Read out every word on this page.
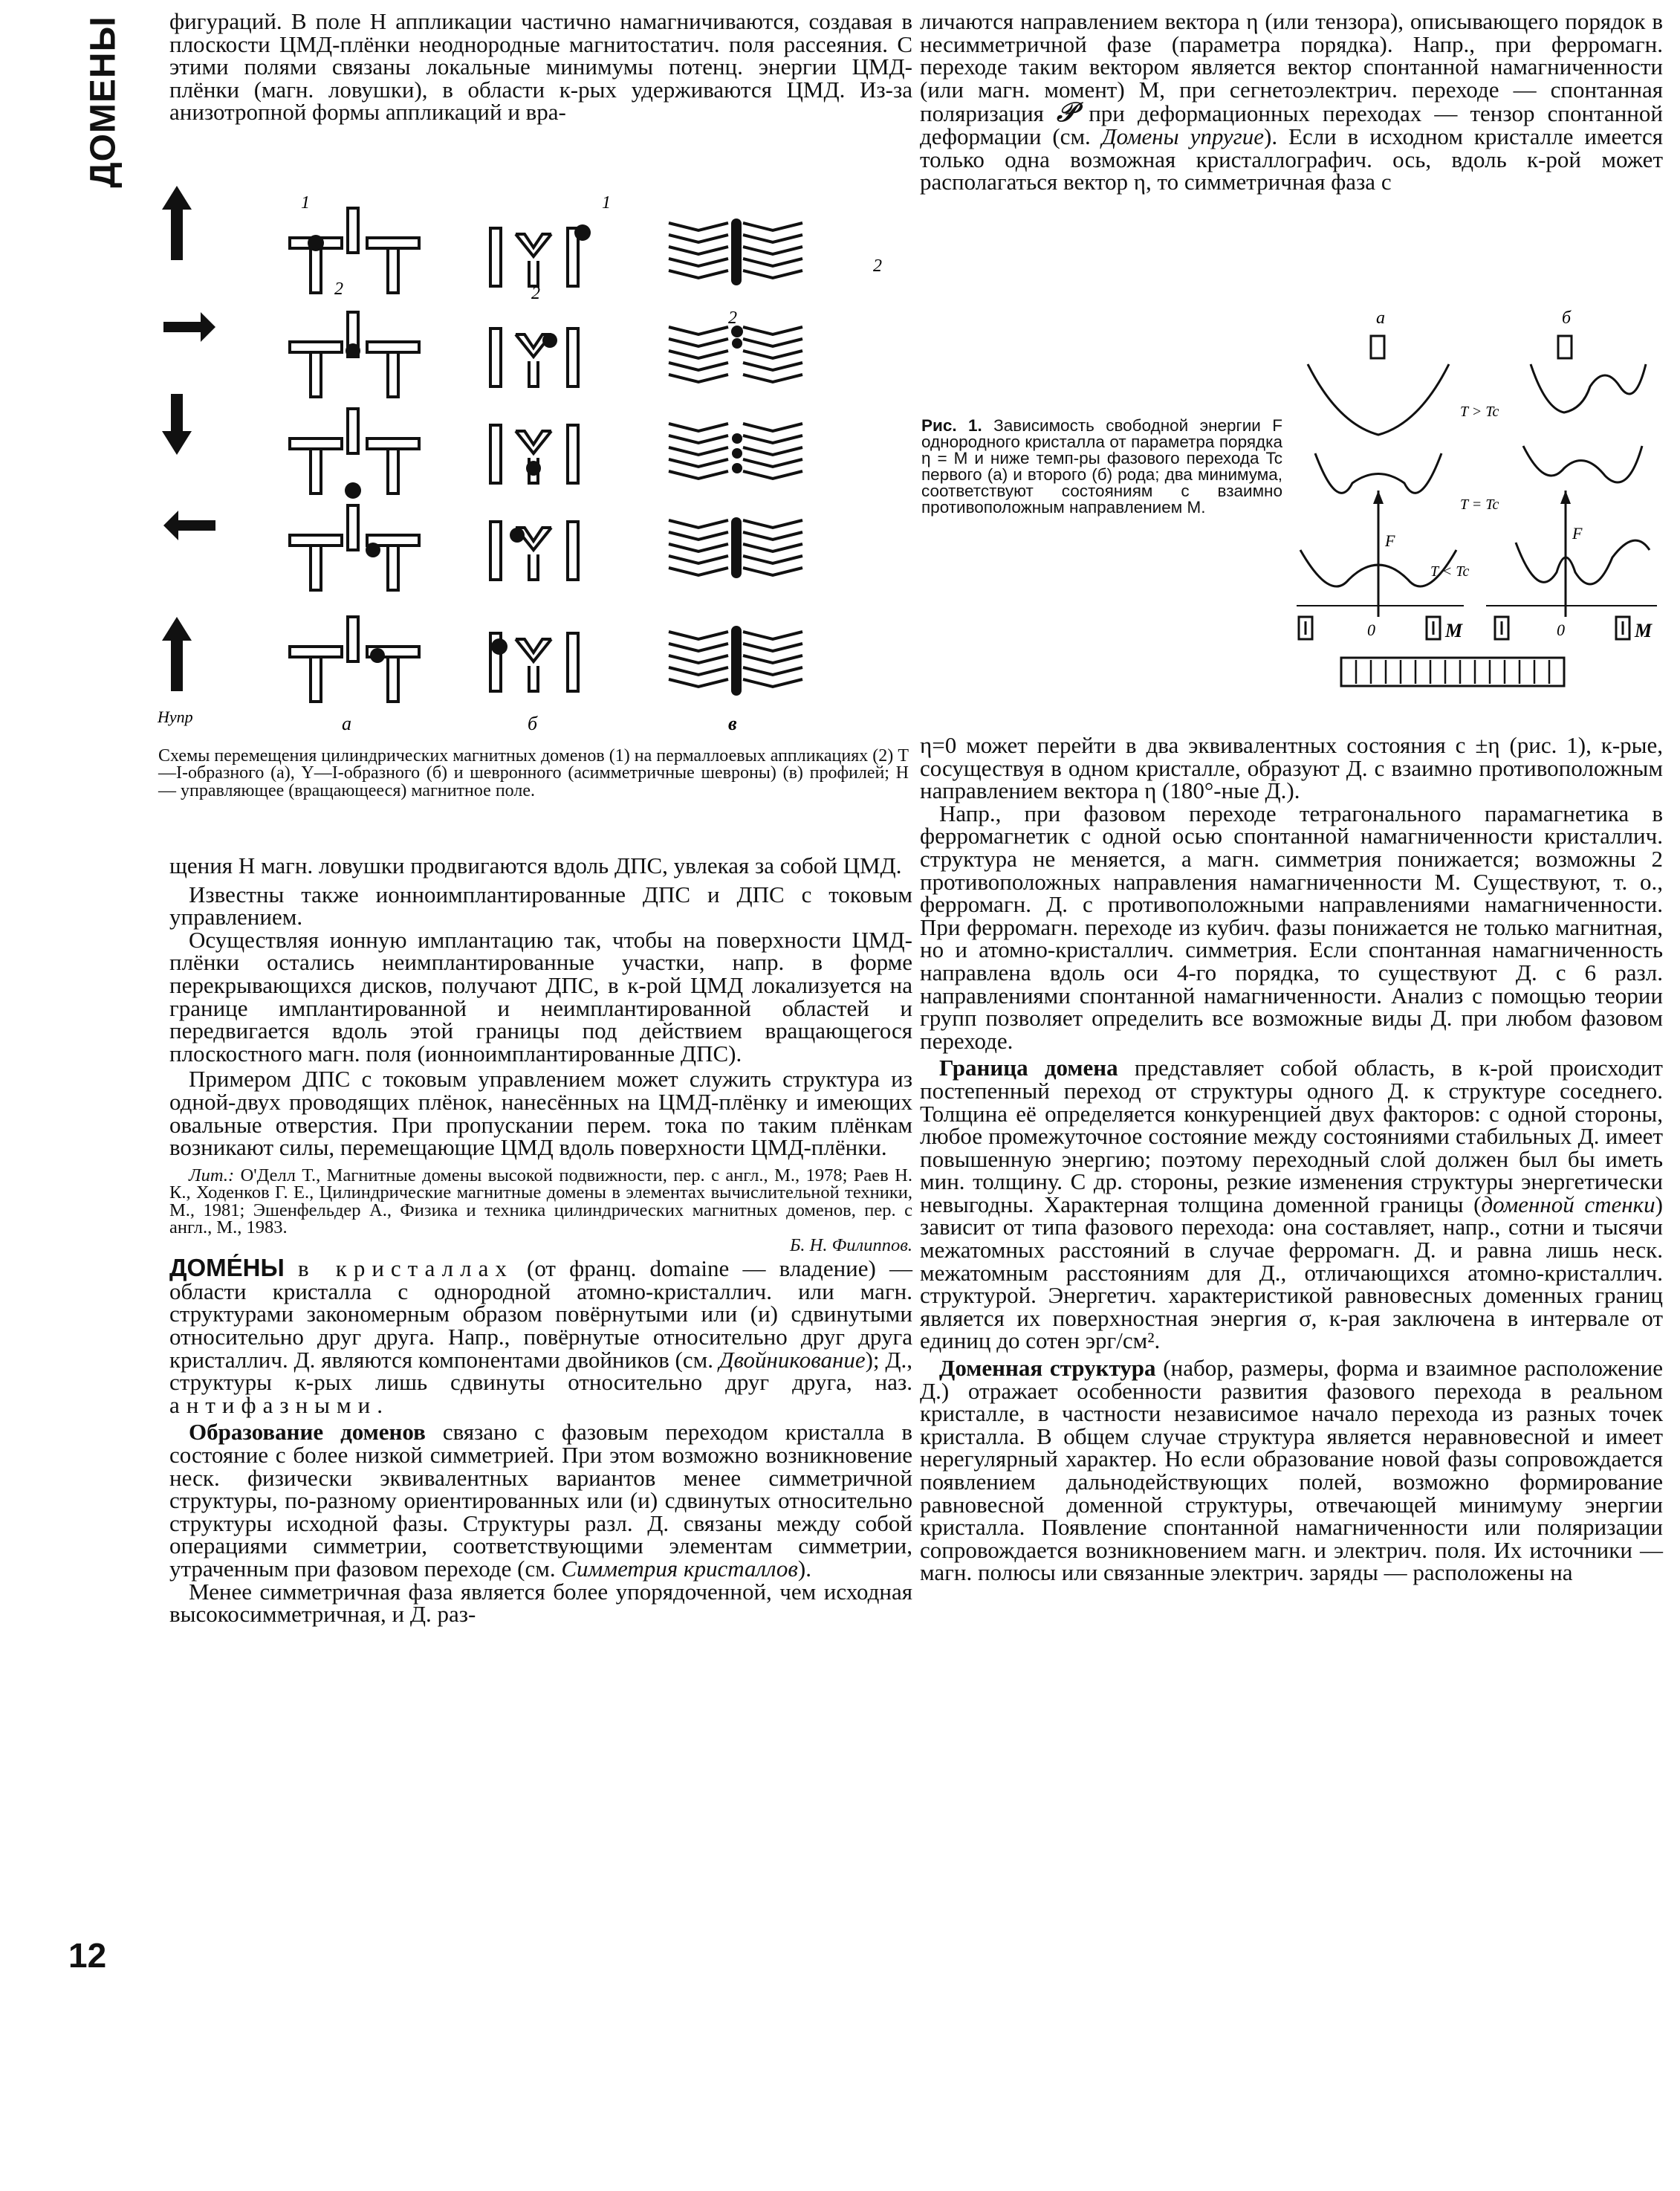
ДОМЕНЫ
12

фигураций. В поле H аппликации частично намагничиваются, создавая в плоскости ЦМД-плёнки неоднородные магнитостатич. поля рассеяния. С этими полями связаны локальные минимумы потенц. энергии ЦМД-плёнки (магн. ловушки), в области к-рых удерживаются ЦМД. Из-за анизотропной формы аппликаций и вра-

Hупр
1
2
а
1
2
б
2
2
в

Схемы перемещения цилиндрических магнитных доменов (1) на пермаллоевых аппликациях (2) Т—I-образного (а), Y—I-образного (б) и шевронного (асимметричные шевроны) (в) профилей; H — управляющее (вращающееся) магнитное поле.

щения H магн. ловушки продвигаются вдоль ДПС, увлекая за собой ЦМД.

Известны также ионноимплантированные ДПС и ДПС с токовым управлением.

Осуществляя ионную имплантацию так, чтобы на поверхности ЦМД-плёнки остались неимплантированные участки, напр. в форме перекрывающихся дисков, получают ДПС, в к-рой ЦМД локализуется на границе имплантированной и неимплантированной областей и передвигается вдоль этой границы под действием вращающегося плоскостного магн. поля (ионноимплантированные ДПС).

Примером ДПС с токовым управлением может служить структура из одной-двух проводящих плёнок, нанесённых на ЦМД-плёнку и имеющих овальные отверстия. При пропускании перем. тока по таким плёнкам возникают силы, перемещающие ЦМД вдоль поверхности ЦМД-плёнки.

Лит.: О'Делл Т., Магнитные домены высокой подвижности, пер. с англ., М., 1978; Раев Н. К., Ходенков Г. Е., Цилиндрические магнитные домены в элементах вычислительной техники, М., 1981; Эшенфельдер А., Физика и техника цилиндрических магнитных доменов, пер. с англ., М., 1983.

Б. Н. Филиппов.

ДОМЕ́НЫ в кристаллах (от франц. domaine — владение) — области кристалла с однородной атомно-кристаллич. или магн. структурами закономерным образом повёрнутыми или (и) сдвинутыми относительно друг друга. Напр., повёрнутые относительно друг друга кристаллич. Д. являются компонентами двойников (см. Двойникование); Д., структуры к-рых лишь сдвинуты относительно друг друга, наз. антифазными.

Образование доменов связано с фазовым переходом кристалла в состояние с более низкой симметрией. При этом возможно возникновение неск. физически эквивалентных вариантов менее симметричной структуры, по-разному ориентированных или (и) сдвинутых относительно структуры исходной фазы. Структуры разл. Д. связаны между собой операциями симметрии, соответствующими элементам симметрии, утраченным при фазовом переходе (см. Симметрия кристаллов).

Менее симметричная фаза является более упорядоченной, чем исходная высокосимметричная, и Д. раз-

личаются направлением вектора η (или тензора), описывающего порядок в несимметричной фазе (параметра порядка). Напр., при ферромагн. переходе таким вектором является вектор спонтанной намагниченности (или магн. момент) M, при сегнетоэлектрич. переходе — спонтанная поляризация 𝒫 при деформационных переходах — тензор спонтанной деформации (см. Домены упругие). Если в исходном кристалле имеется только одна возможная кристаллографич. ось, вдоль к-рой может располагаться вектор η, то симметричная фаза с

Рис. 1. Зависимость свободной энергии F однородного кристалла от параметра порядка η = M и ниже темп-ры фазового перехода Tc первого (а) и второго (б) рода; два минимума, соответствуют состояниям с взаимно противоположным направлением M.

а	б
F	F
T > Tc
T = Tc
T < Tc
0	M	0	M

η=0 может перейти в два эквивалентных состояния с ±η (рис. 1), к-рые, сосуществуя в одном кристалле, образуют Д. с взаимно противоположным направлением вектора η (180°-ные Д.).

Напр., при фазовом переходе тетрагонального парамагнетика в ферромагнетик с одной осью спонтанной намагниченности кристаллич. структура не меняется, а магн. симметрия понижается; возможны 2 противоположных направления намагниченности M. Существуют, т. о., ферромагн. Д. с противоположными направлениями намагниченности. При ферромагн. переходе из кубич. фазы понижается не только магнитная, но и атомно-кристаллич. симметрия. Если спонтанная намагниченность направлена вдоль оси 4-го порядка, то существуют Д. с 6 разл. направлениями спонтанной намагниченности. Анализ с помощью теории групп позволяет определить все возможные виды Д. при любом фазовом переходе.

Граница домена представляет собой область, в к-рой происходит постепенный переход от структуры одного Д. к структуре соседнего. Толщина её определяется конкуренцией двух факторов: с одной стороны, любое промежуточное состояние между состояниями стабильных Д. имеет повышенную энергию; поэтому переходный слой должен был бы иметь мин. толщину. С др. стороны, резкие изменения структуры энергетически невыгодны. Характерная толщина доменной границы (доменной стенки) зависит от типа фазового перехода: она составляет, напр., сотни и тысячи межатомных расстояний в случае ферромагн. Д. и равна лишь неск. межатомным расстояниям для Д., отличающихся атомно-кристаллич. структурой. Энергетич. характеристикой равновесных доменных границ является их поверхностная энергия σ, к-рая заключена в интервале от единиц до сотен эрг/см².

Доменная структура (набор, размеры, форма и взаимное расположение Д.) отражает особенности развития фазового перехода в реальном кристалле, в частности независимое начало перехода из разных точек кристалла. В общем случае структура является неравновесной и имеет нерегулярный характер. Но если образование новой фазы сопровождается появлением дальнодействующих полей, возможно формирование равновесной доменной структуры, отвечающей минимуму энергии кристалла. Появление спонтанной намагниченности или поляризации сопровождается возникновением магн. и электрич. поля. Их источники — магн. полюсы или связанные электрич. заряды — расположены на
